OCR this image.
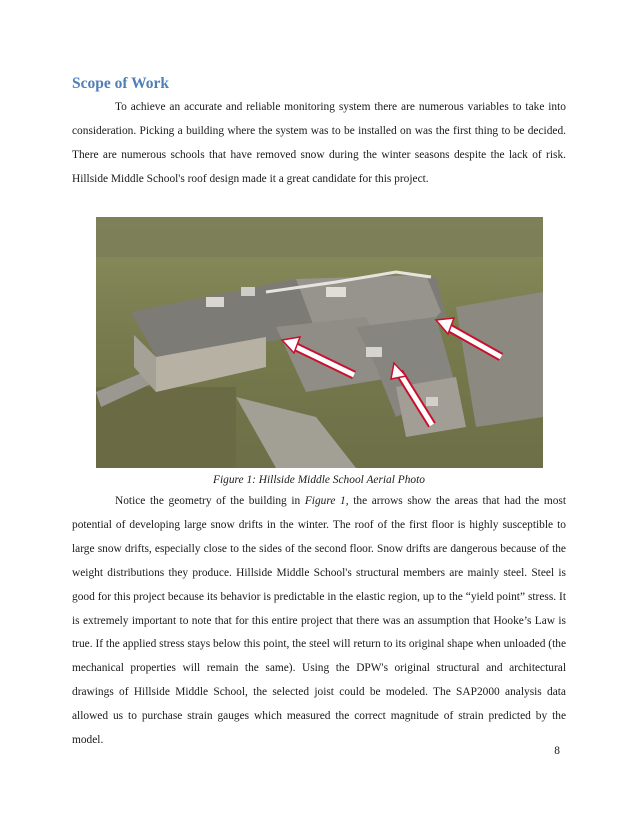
Scope of Work

To achieve an accurate and reliable monitoring system there are numerous variables to take into consideration. Picking a building where the system was to be installed on was the first thing to be decided. There are numerous schools that have removed snow during the winter seasons despite the lack of risk. Hillside Middle School's roof design made it a great candidate for this project.

Figure 1: Hillside Middle School Aerial Photo

Notice the geometry of the building in Figure 1, the arrows show the areas that had the most potential of developing large snow drifts in the winter. The roof of the first floor is highly susceptible to large snow drifts, especially close to the sides of the second floor. Snow drifts are dangerous because of the weight distributions they produce. Hillside Middle School's structural members are mainly steel. Steel is good for this project because its behavior is predictable in the elastic region, up to the “yield point” stress. It is extremely important to note that for this entire project that there was an assumption that Hooke’s Law is true. If the applied stress stays below this point, the steel will return to its original shape when unloaded (the mechanical properties will remain the same). Using the DPW's original structural and architectural drawings of Hillside Middle School, the selected joist could be modeled. The SAP2000 analysis data allowed us to purchase strain gauges which measured the correct magnitude of strain predicted by the model.

8
